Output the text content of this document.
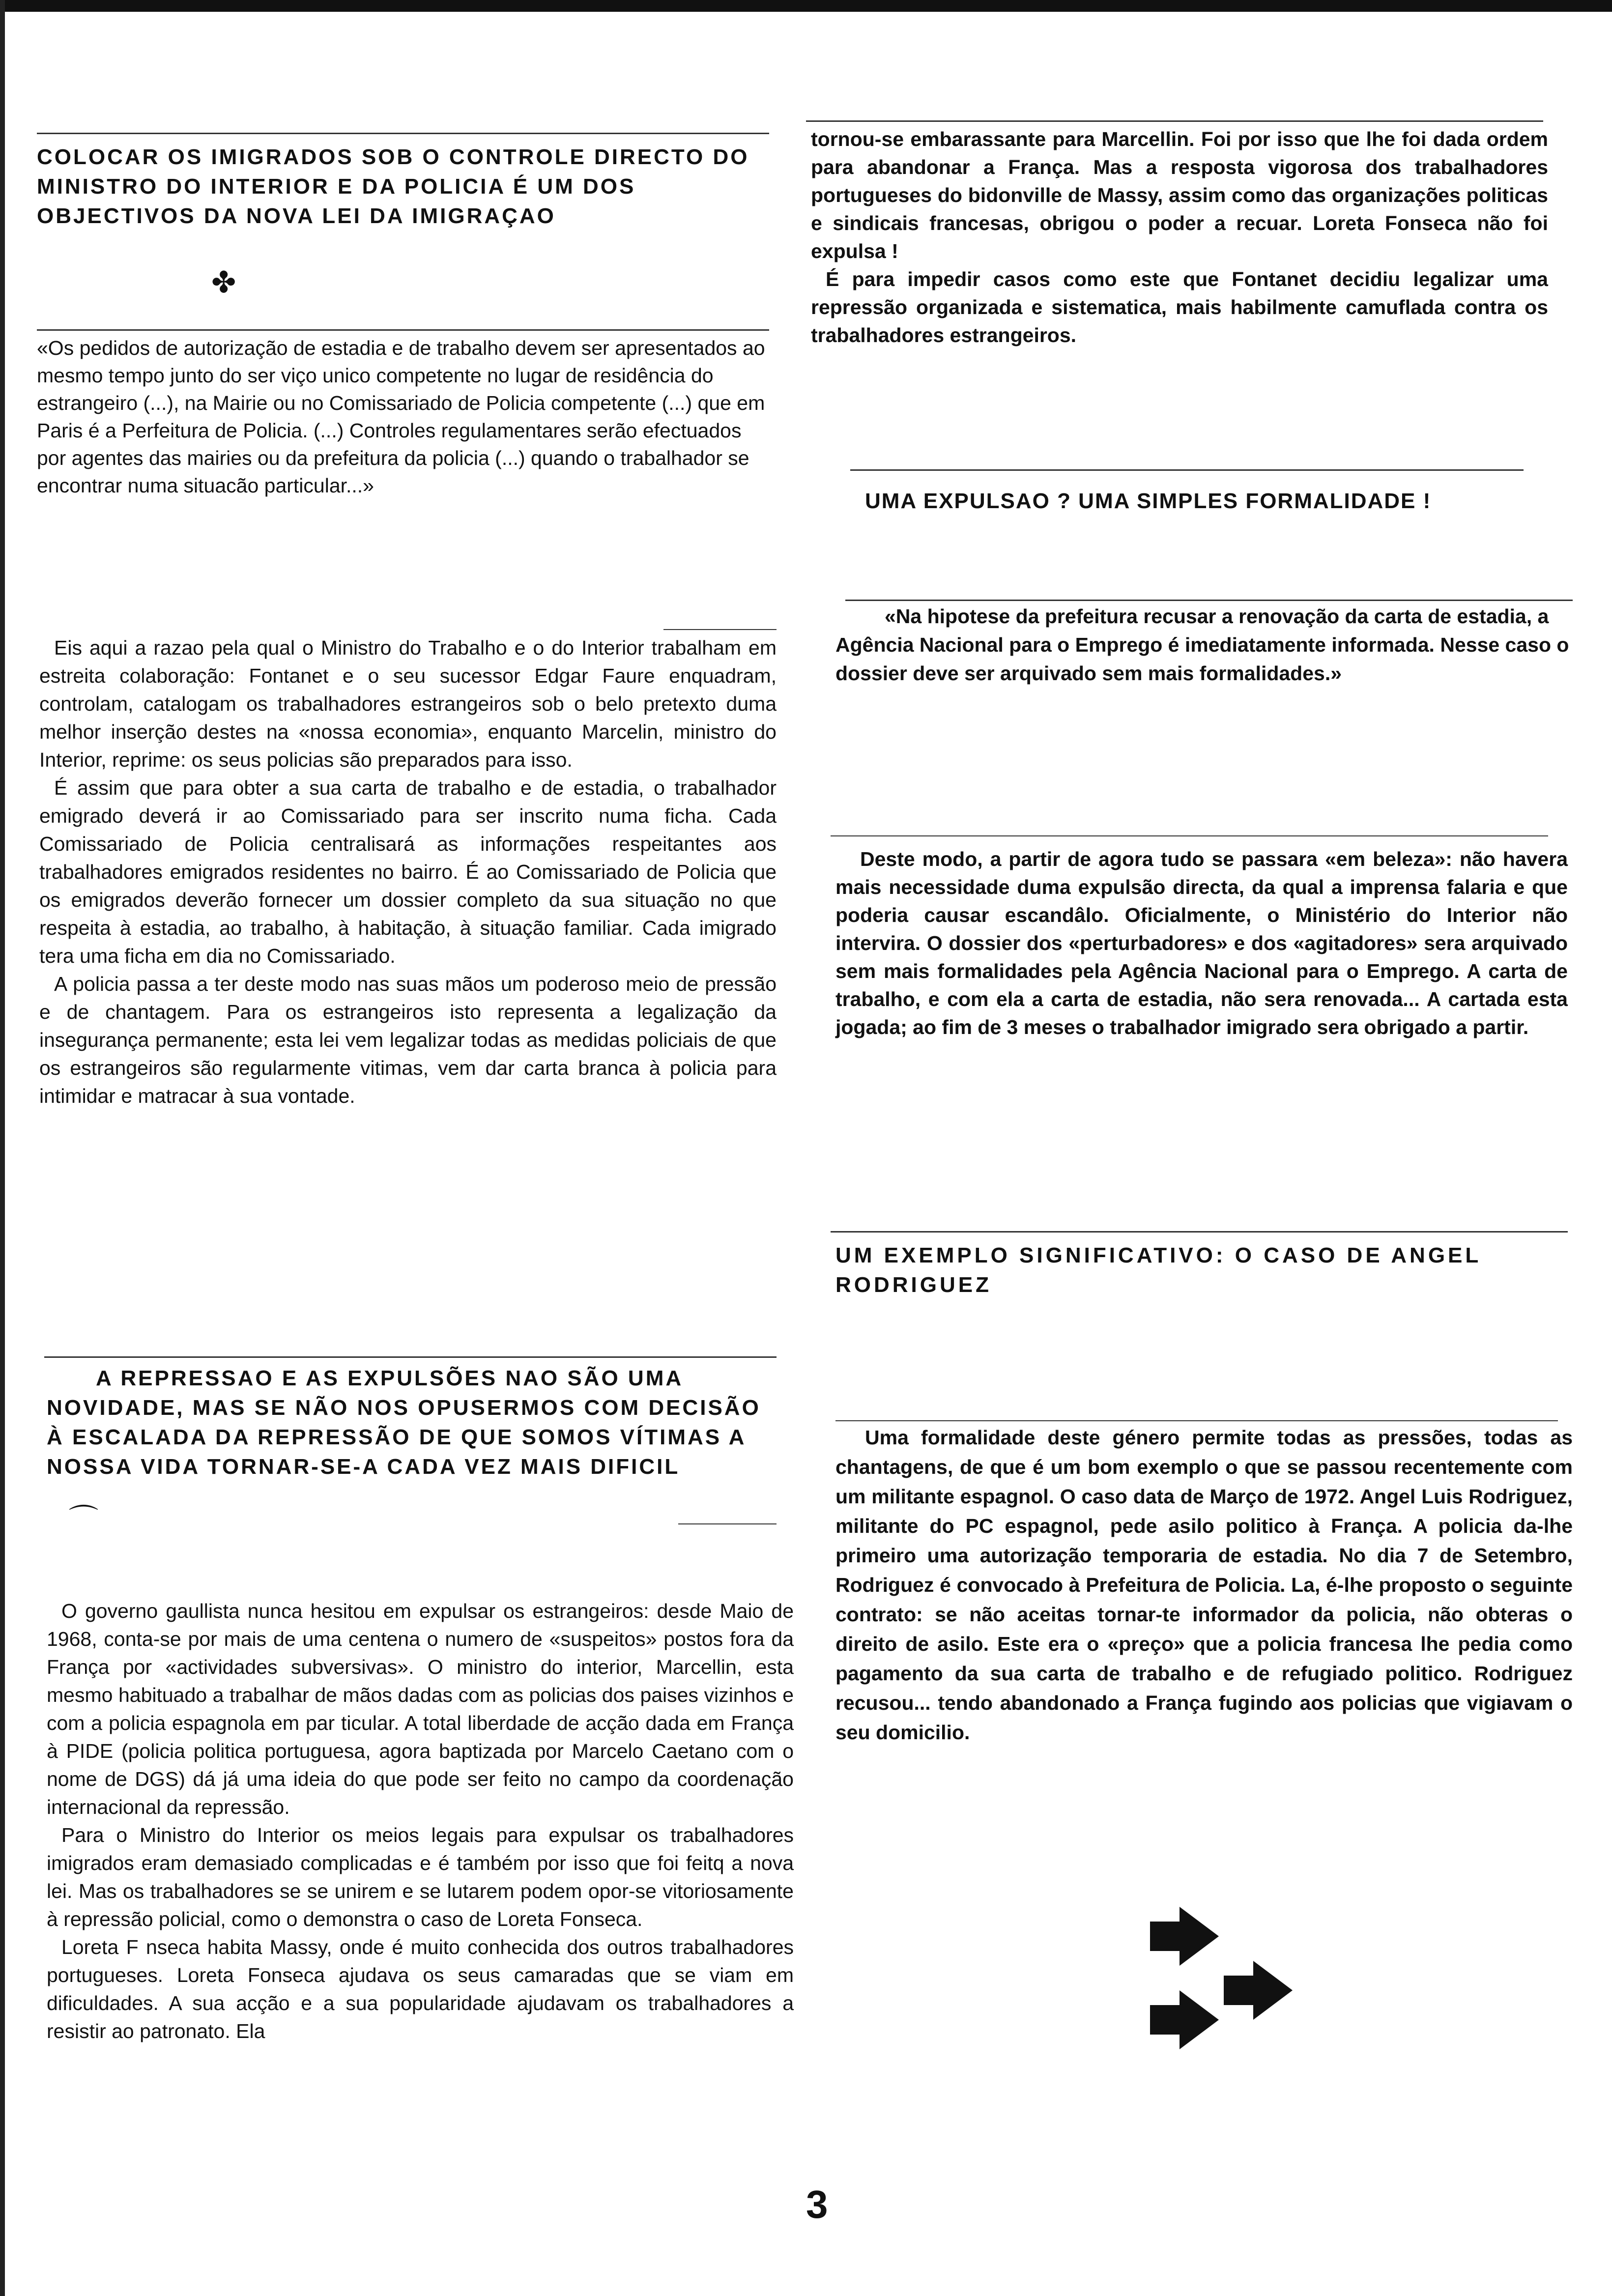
COLOCAR OS IMIGRADOS SOB O CONTROLE DIRECTO DO MINISTRO DO INTERIOR E DA POLICIA É UM DOS OBJECTIVOS DA NOVA LEI DA IMIGRAÇAO

✤

«Os pedidos de autorização de estadia e de trabalho devem ser apresentados ao mesmo tempo junto do ser viço unico competente no lugar de residência do estrangeiro (...), na Mairie ou no Comissariado de Policia competente (...) que em Paris é a Perfeitura de Policia. (...) Controles regulamentares serão efectuados por agentes das mairies ou da prefeitura da policia (...) quando o trabalhador se encontrar numa situacão particular...»

Eis aqui a razao pela qual o Ministro do Trabalho e o do Interior trabalham em estreita colaboração: Fontanet e o seu sucessor Edgar Faure enquadram, controlam, catalogam os trabalhadores estrangeiros sob o belo pretexto duma melhor inserção destes na «nossa economia», enquanto Marcelin, ministro do Interior, reprime: os seus policias são preparados para isso.

É assim que para obter a sua carta de trabalho e de estadia, o trabalhador emigrado deverá ir ao Comissariado para ser inscrito numa ficha. Cada Comissariado de Policia centralisará as informações respeitantes aos trabalhadores emigrados residentes no bairro. É ao Comissariado de Policia que os emigrados deverão fornecer um dossier completo da sua situação no que respeita à estadia, ao trabalho, à habitação, à situação familiar. Cada imigrado tera uma ficha em dia no Comissariado.

A policia passa a ter deste modo nas suas mãos um poderoso meio de pressão e de chantagem. Para os estrangeiros isto representa a legalização da insegurança permanente; esta lei vem legalizar todas as medidas policiais de que os estrangeiros são regularmente vitimas, vem dar carta branca à policia para intimidar e matracar à sua vontade.

A REPRESSAO E AS EXPULSÕES NAO SÃO UMA NOVIDADE, MAS SE NÃO NOS OPUSERMOS COM DECISÃO À ESCALADA DA REPRESSÃO DE QUE SOMOS VÍTIMAS A NOSSA VIDA TORNAR-SE-A CADA VEZ MAIS DIFICIL

⌒

O governo gaullista nunca hesitou em expulsar os estrangeiros: desde Maio de 1968, conta-se por mais de uma centena o numero de «suspeitos» postos fora da França por «actividades subversivas». O ministro do interior, Marcellin, esta mesmo habituado a trabalhar de mãos dadas com as policias dos paises vizinhos e com a policia espagnola em par ticular. A total liberdade de acção dada em França à PIDE (policia politica portuguesa, agora baptizada por Marcelo Caetano com o nome de DGS) dá já uma ideia do que pode ser feito no campo da coordenação internacional da repressão.

Para o Ministro do Interior os meios legais para expulsar os trabalhadores imigrados eram demasiado complicadas e é também por isso que foi feitq a nova lei. Mas os trabalhadores se se unirem e se lutarem podem opor-se vitoriosamente à repressão policial, como o demonstra o caso de Loreta Fonseca.

Loreta F nseca habita Massy, onde é muito conhecida dos outros trabalhadores portugueses. Loreta Fonseca ajudava os seus camaradas que se viam em dificuldades. A sua acção e a sua popularidade ajudavam os trabalhadores a resistir ao patronato. Ela

tornou-se embarassante para Marcellin. Foi por isso que lhe foi dada ordem para abandonar a França. Mas a resposta vigorosa dos trabalhadores portugueses do bidonville de Massy, assim como das organizações politicas e sindicais francesas, obrigou o poder a recuar. Loreta Fonseca não foi expulsa !

É para impedir casos como este que Fontanet decidiu legalizar uma repressão organizada e sistematica, mais habilmente camuflada contra os trabalhadores estrangeiros.

UMA EXPULSAO ? UMA SIMPLES FORMALIDADE !

«Na hipotese da prefeitura recusar a renovação da carta de estadia, a Agência Nacional para o Emprego é imediatamente informada. Nesse caso o dossier deve ser arquivado sem mais formalidades.»

Deste modo, a partir de agora tudo se passara «em beleza»: não havera mais necessidade duma expulsão directa, da qual a imprensa falaria e que poderia causar escandâlo. Oficialmente, o Ministério do Interior não intervira. O dossier dos «perturbadores» e dos «agitadores» sera arquivado sem mais formalidades pela Agência Nacional para o Emprego. A carta de trabalho, e com ela a carta de estadia, não sera renovada... A cartada esta jogada; ao fim de 3 meses o trabalhador imigrado sera obrigado a partir.

UM EXEMPLO SIGNIFICATIVO: O CASO DE ANGEL RODRIGUEZ

Uma formalidade deste género permite todas as pressões, todas as chantagens, de que é um bom exemplo o que se passou recentemente com um militante espagnol. O caso data de Março de 1972. Angel Luis Rodriguez, militante do PC espagnol, pede asilo politico à França. A policia da-lhe primeiro uma autorização temporaria de estadia. No dia 7 de Setembro, Rodriguez é convocado à Prefeitura de Policia. La, é-lhe proposto o seguinte contrato: se não aceitas tornar-te informador da policia, não obteras o direito de asilo. Este era o «preço» que a policia francesa lhe pedia como pagamento da sua carta de trabalho e de refugiado politico. Rodriguez recusou... tendo abandonado a França fugindo aos policias que vigiavam o seu domicilio.

3
